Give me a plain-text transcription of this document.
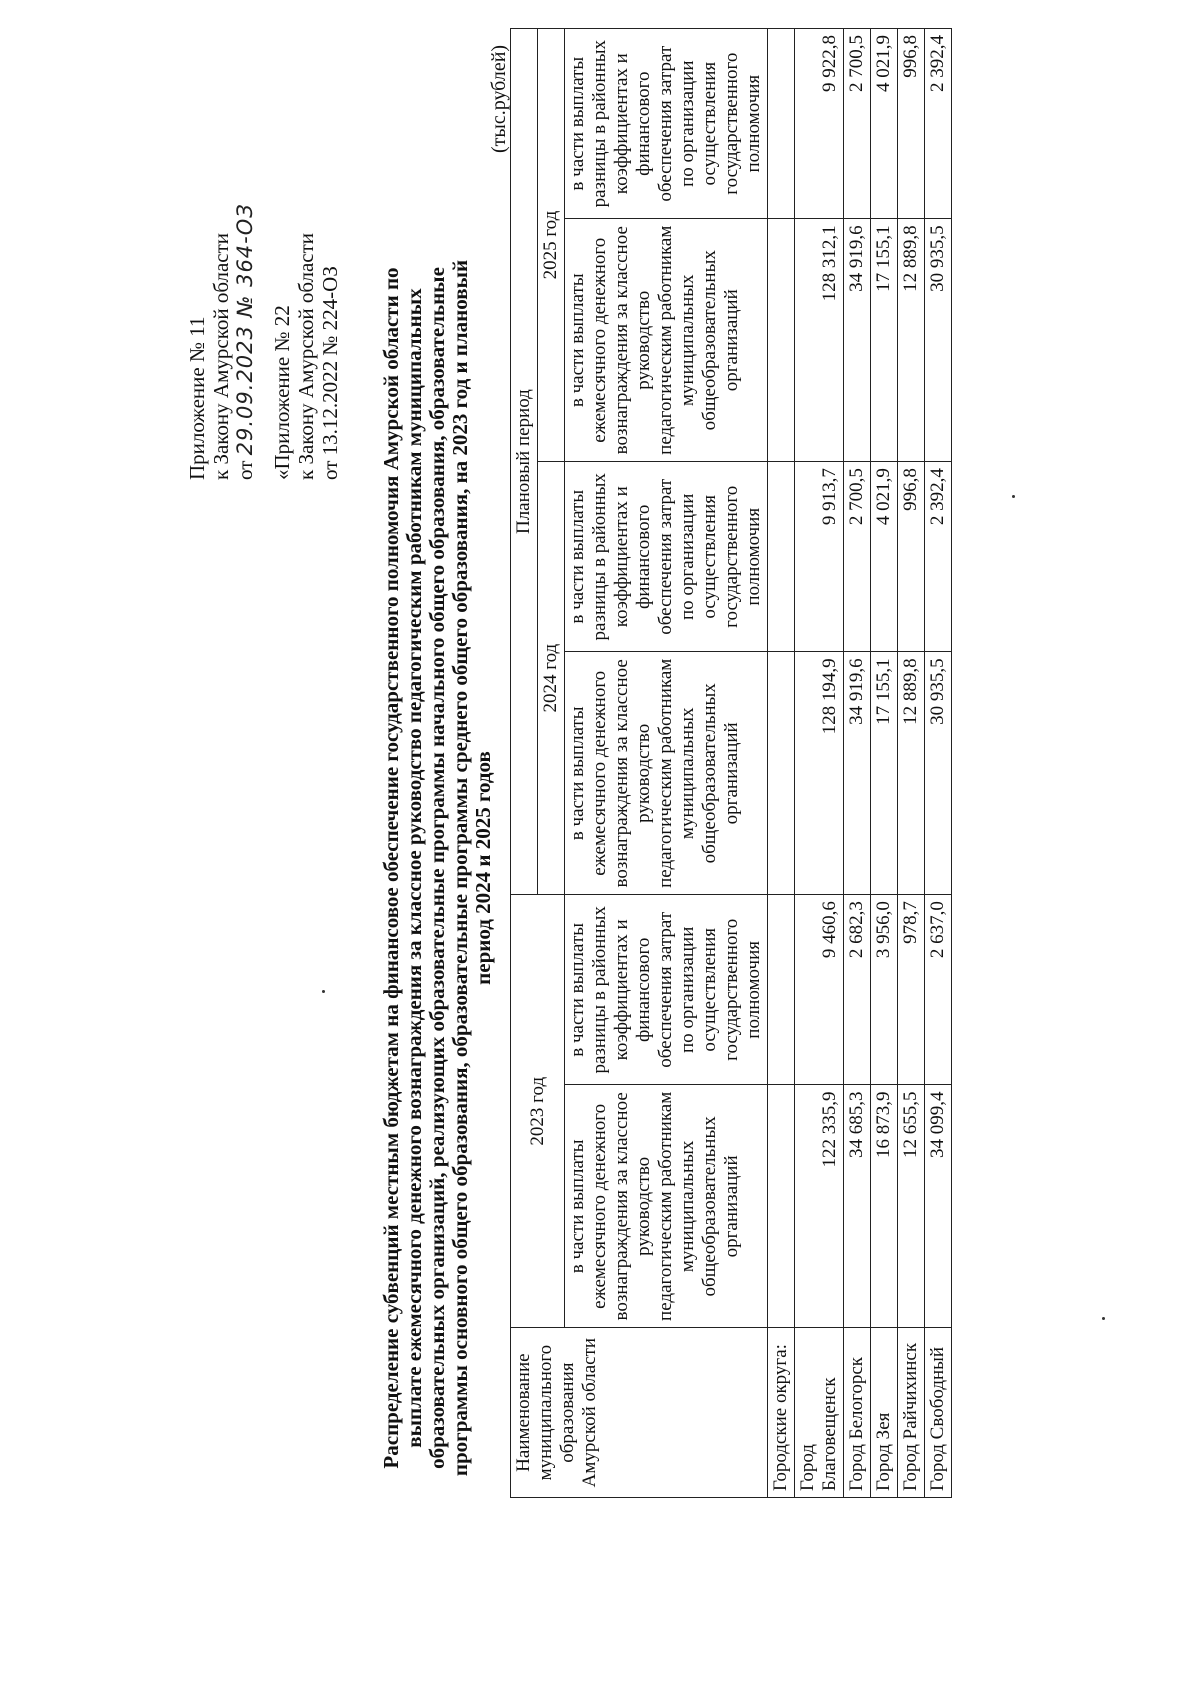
Приложение № 11 к Закону Амурской области от 29.09.2023 № 364-ОЗ «Приложение № 22 к Закону Амурской области от 13.12.2022 № 224-ОЗ Распределение субвенций местным бюджетам на финансовое обеспечение государственного полномочия Амурской области по выплате ежемесячного денежного вознаграждения за классное руководство педагогическим работникам муниципальных образовательных организаций, реализующих образовательные программы начального общего образования, образовательные программы основного общего образования, образовательные программы среднего общего образования, на 2023 год и плановый период 2024 и 2025 годов
(тыс.рублей)
Наименование муниципального образования Амурской области	2023 год		Плановый период			
			2024 год		2025 год	
	в части выплаты ежемесячного денежного вознаграждения за классное руководство педагогическим работникам муниципальных общеобразовательных организаций	в части выплаты разницы в районных коэффициентах и финансового обеспечения затрат по организации осуществления государственного полномочия	в части выплаты ежемесячного денежного вознаграждения за классное руководство педагогическим работникам муниципальных общеобразовательных организаций	в части выплаты разницы в районных коэффициентах и финансового обеспечения затрат по организации осуществления государственного полномочия	в части выплаты ежемесячного денежного вознаграждения за классное руководство педагогическим работникам муниципальных общеобразовательных организаций	в части выплаты разницы в районных коэффициентах и финансового обеспечения затрат по организации осуществления государственного полномочия
Городские округа:						
Город Благовещенск	122 335,9	9 460,6	128 194,9	9 913,7	128 312,1	9 922,8
Город Белогорск	34 685,3	2 682,3	34 919,6	2 700,5	34 919,6	2 700,5
Город Зея	16 873,9	3 956,0	17 155,1	4 021,9	17 155,1	4 021,9
Город Райчихинск	12 655,5	978,7	12 889,8	996,8	12 889,8	996,8
Город Свободный	34 099,4	2 637,0	30 935,5	2 392,4	30 935,5	2 392,4
